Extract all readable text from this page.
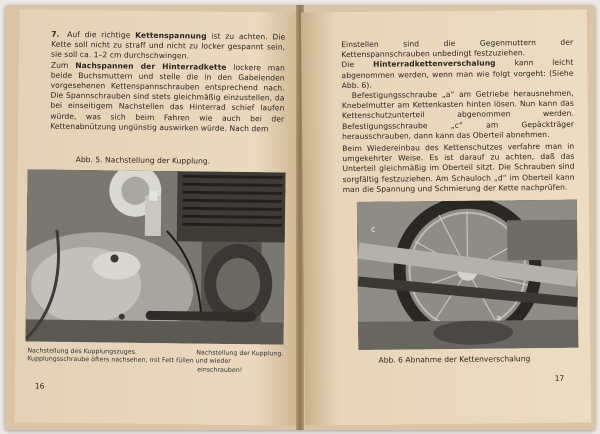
7. Auf die richtige Kettenspannung ist zu achten. Die Kette soll nicht zu straff und nicht zu locker gespannt sein, sie soll ca. 1–2 cm durchschwingen.

Zum Nachspannen der Hinterradkette lockere man beide Buchsmuttern und stelle die in den Gabelenden vorgesehenen Kettenspannschrauben entsprechend nach. Die Spannschrauben sind stets gleichmäßig einzustellen, da bei einseitigem Nachstellen das Hinterrad schief laufen würde, was sich beim Fahren wie auch bei der Kettenabnützung ungünstig auswirken würde. Nach dem

Abb. 5. Nachstellung der Kupplung.
Nachstellung des Kupplungszuges.	Nachstellung der Kupplung.
Kupplungsschraube öfters nachsehen, mit Fett füllen und wieder
einschrauben!
16

Einstellen sind die Gegenmuttern der Kettenspannschrauben unbedingt festzuziehen.

Die Hinterradkettenverschalung kann leicht abgenommen werden, wenn man wie folgt vorgeht: (Siehe Abb. 6).

Befestigungsschraube „a“ am Getriebe herausnehmen, Knebelmutter am Kettenkasten hinten lösen. Nun kann das Kettenschutzunterteil abgenommen werden. Befestigungsschraube „c“ am Gepäckträger herausschrauben, dann kann das Oberteil abnehmen.

Beim Wiedereinbau des Kettenschutzes verfahre man in umgekehrter Weise. Es ist darauf zu achten, daß das Unterteil gleichmäßig im Oberteil sitzt. Die Schrauben sind sorgfältig festzuziehen. Am Schauloch „d“ im Oberteil kann man die Spannung und Schmierung der Kette nachprüfen.

c
a
Abb. 6 Abnahme der Kettenverschalung
17
